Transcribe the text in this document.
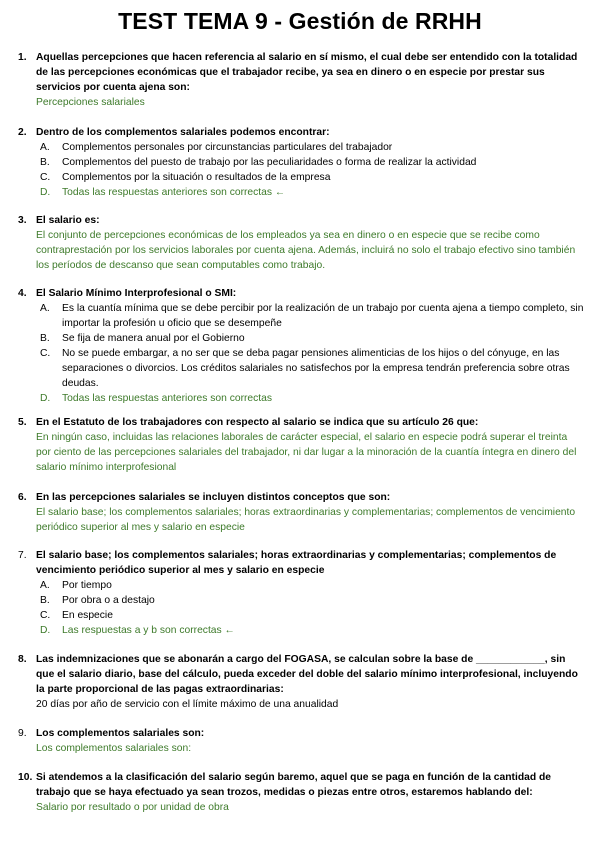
TEST TEMA 9 - Gestión de RRHH
1. Aquellas percepciones que hacen referencia al salario en sí mismo, el cual debe ser entendido con la totalidad de las percepciones económicas que el trabajador recibe, ya sea en dinero o en especie por prestar sus servicios por cuenta ajena son:
Percepciones salariales
2. Dentro de los complementos salariales podemos encontrar:
A.	Complementos personales por circunstancias particulares del trabajador
B.	Complementos del puesto de trabajo por las peculiaridades o forma de realizar la actividad
C.	Complementos por la situación o resultados de la empresa
D.	Todas las respuestas anteriores son correctas ←
3. El salario es:
El conjunto de percepciones económicas de los empleados ya sea en dinero o en especie que se recibe como contraprestación por los servicios laborales por cuenta ajena. Además, incluirá no solo el trabajo efectivo sino también los períodos de descanso que sean computables como trabajo.
4. El Salario Mínimo Interprofesional o SMI:
A.	Es la cuantía mínima que se debe percibir por la realización de un trabajo por cuenta ajena a tiempo completo, sin importar la profesión u oficio que se desempeñe
B.	Se fija de manera anual por el Gobierno
C.	No se puede embargar, a no ser que se deba pagar pensiones alimenticias de los hijos o del cónyuge, en las separaciones o divorcios. Los créditos salariales no satisfechos por la empresa tendrán preferencia sobre otras deudas.
D.	Todas las respuestas anteriores son correctas
5. En el Estatuto de los trabajadores con respecto al salario se indica que su artículo 26 que:
En ningún caso, incluidas las relaciones laborales de carácter especial, el salario en especie podrá superar el treinta por ciento de las percepciones salariales del trabajador, ni dar lugar a la minoración de la cuantía íntegra en dinero del salario mínimo interprofesional
6. En las percepciones salariales se incluyen distintos conceptos que son:
El salario base; los complementos salariales; horas extraordinarias y complementarias; complementos de vencimiento periódico superior al mes y salario en especie
7. El salario base; los complementos salariales; horas extraordinarias y complementarias; complementos de vencimiento periódico superior al mes y salario en especie
A.	Por tiempo
B.	Por obra o a destajo
C.	En especie
D.	Las respuestas a y b son correctas ←
8. Las indemnizaciones que se abonarán a cargo del FOGASA, se calculan sobre la base de ____________, sin que el salario diario, base del cálculo, pueda exceder del doble del salario mínimo interprofesional, incluyendo la parte proporcional de las pagas extraordinarias:
20 días por año de servicio con el límite máximo de una anualidad
9. Los complementos salariales son:
Los complementos salariales son:
10. Si atendemos a la clasificación del salario según baremo, aquel que se paga en función de la cantidad de trabajo que se haya efectuado ya sean trozos, medidas o piezas entre otros, estaremos hablando del:
Salario por resultado o por unidad de obra
